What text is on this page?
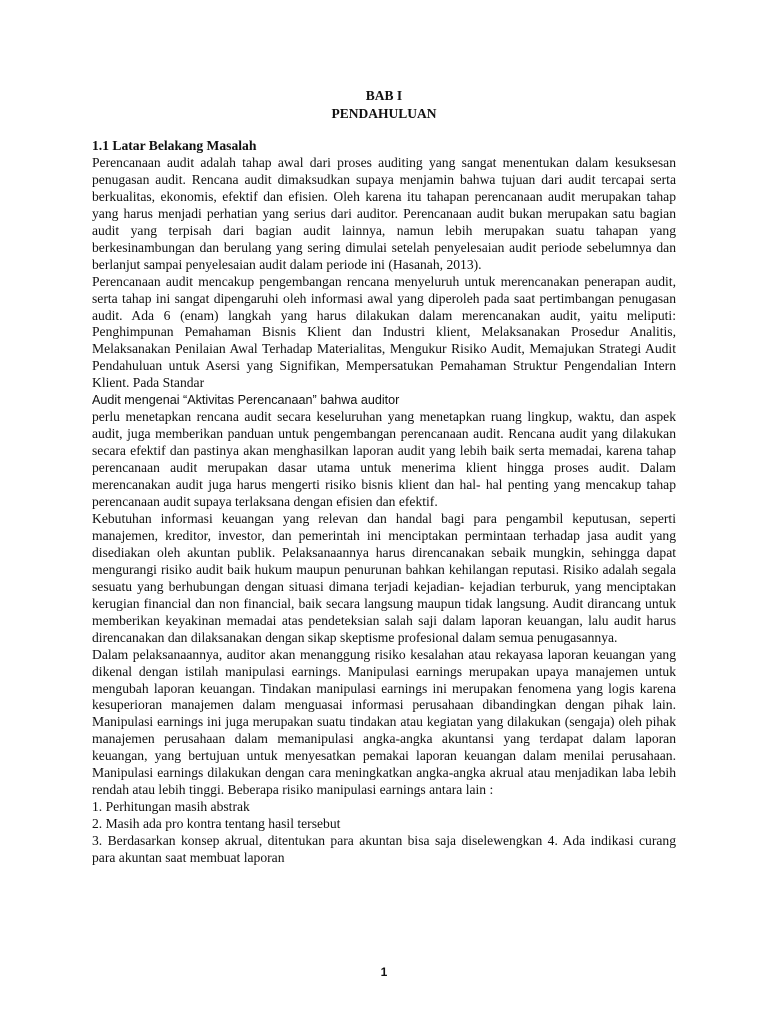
BAB I
PENDAHULUAN
1.1 Latar Belakang Masalah

Perencanaan audit adalah tahap awal dari proses auditing yang sangat menentukan dalam kesuksesan penugasan audit. Rencana audit dimaksudkan supaya menjamin bahwa tujuan dari audit tercapai serta berkualitas, ekonomis, efektif dan efisien. Oleh karena itu tahapan perencanaan audit merupakan tahap yang harus menjadi perhatian yang serius dari auditor. Perencanaan audit bukan merupakan satu bagian audit yang terpisah dari bagian audit lainnya, namun lebih merupakan suatu tahapan yang berkesinambungan dan berulang yang sering dimulai setelah penyelesaian audit periode sebelumnya dan berlanjut sampai penyelesaian audit dalam periode ini (Hasanah, 2013).

Perencanaan audit mencakup pengembangan rencana menyeluruh untuk merencanakan penerapan audit, serta tahap ini sangat dipengaruhi oleh informasi awal yang diperoleh pada saat pertimbangan penugasan audit. Ada 6 (enam) langkah yang harus dilakukan dalam merencanakan audit, yaitu meliputi: Penghimpunan Pemahaman Bisnis Klient dan Industri klient, Melaksanakan Prosedur Analitis, Melaksanakan Penilaian Awal Terhadap Materialitas, Mengukur Risiko Audit, Memajukan Strategi Audit Pendahuluan untuk Asersi yang Signifikan, Mempersatukan Pemahaman Struktur Pengendalian Intern Klient. Pada Standar

Audit mengenai “Aktivitas Perencanaan” bahwa auditor

perlu menetapkan rencana audit secara keseluruhan yang menetapkan ruang lingkup, waktu, dan aspek audit, juga memberikan panduan untuk pengembangan perencanaan audit. Rencana audit yang dilakukan secara efektif dan pastinya akan menghasilkan laporan audit yang lebih baik serta memadai, karena tahap perencanaan audit merupakan dasar utama untuk menerima klient hingga proses audit. Dalam merencanakan audit juga harus mengerti risiko bisnis klient dan hal- hal penting yang mencakup tahap perencanaan audit supaya terlaksana dengan efisien dan efektif.

Kebutuhan informasi keuangan yang relevan dan handal bagi para pengambil keputusan, seperti manajemen, kreditor, investor, dan pemerintah ini menciptakan permintaan terhadap jasa audit yang disediakan oleh akuntan publik. Pelaksanaannya harus direncanakan sebaik mungkin, sehingga dapat mengurangi risiko audit baik hukum maupun penurunan bahkan kehilangan reputasi. Risiko adalah segala sesuatu yang berhubungan dengan situasi dimana terjadi kejadian- kejadian terburuk, yang menciptakan kerugian financial dan non financial, baik secara langsung maupun tidak langsung. Audit dirancang untuk memberikan keyakinan memadai atas pendeteksian salah saji dalam laporan keuangan, lalu audit harus direncanakan dan dilaksanakan dengan sikap skeptisme profesional dalam semua penugasannya.

Dalam pelaksanaannya, auditor akan menanggung risiko kesalahan atau rekayasa laporan keuangan yang dikenal dengan istilah manipulasi earnings. Manipulasi earnings merupakan upaya manajemen untuk mengubah laporan keuangan. Tindakan manipulasi earnings ini merupakan fenomena yang logis karena kesuperioran manajemen dalam menguasai informasi perusahaan dibandingkan dengan pihak lain. Manipulasi earnings ini juga merupakan suatu tindakan atau kegiatan yang dilakukan (sengaja) oleh pihak manajemen perusahaan dalam memanipulasi angka-angka akuntansi yang terdapat dalam laporan keuangan, yang bertujuan untuk menyesatkan pemakai laporan keuangan dalam menilai perusahaan. Manipulasi earnings dilakukan dengan cara meningkatkan angka-angka akrual atau menjadikan laba lebih rendah atau lebih tinggi. Beberapa risiko manipulasi earnings antara lain :

1. Perhitungan masih abstrak
2. Masih ada pro kontra tentang hasil tersebut
3. Berdasarkan konsep akrual, ditentukan para akuntan bisa saja diselewengkan 4. Ada indikasi curang para akuntan saat membuat laporan
1
